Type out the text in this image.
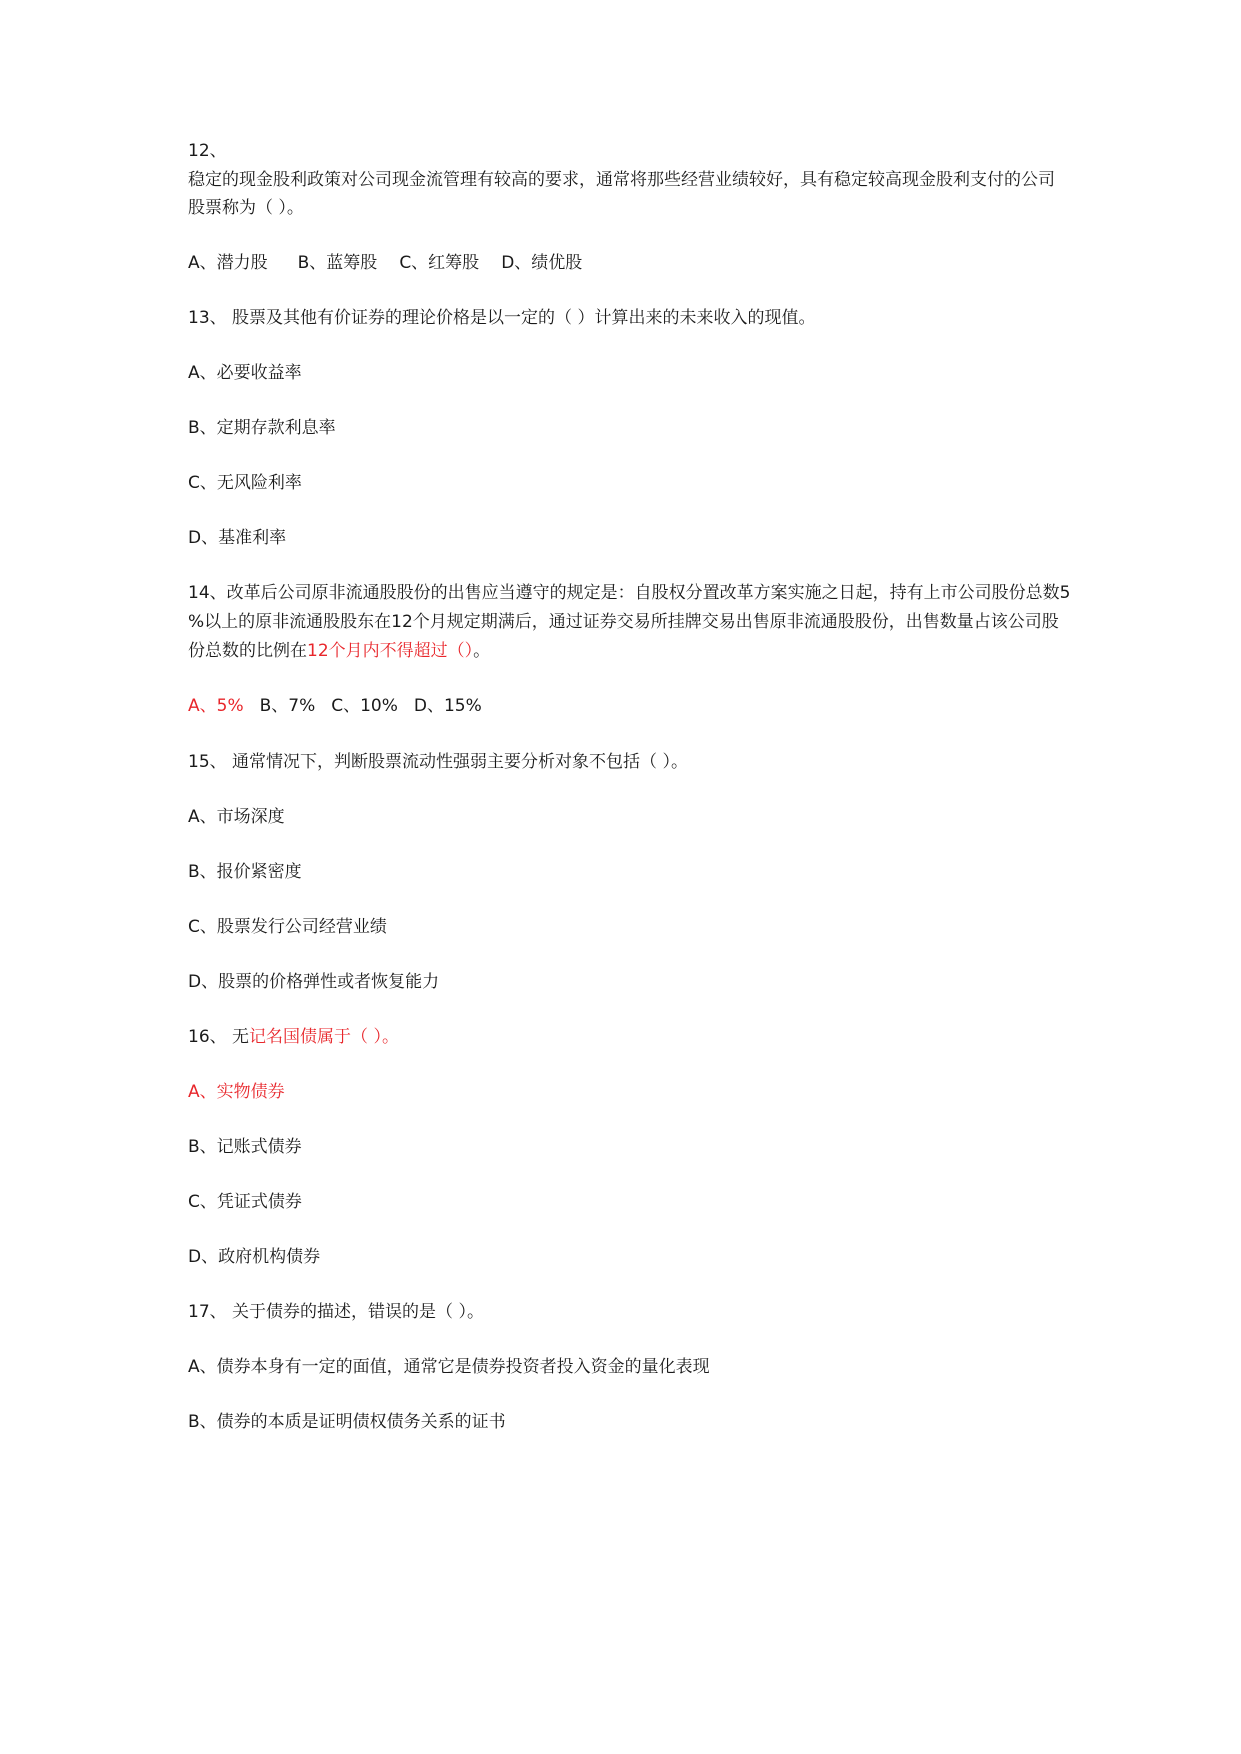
12、
稳定的现金股利政策对公司现金流管理有较高的要求，通常将那些经营业绩较好，具有稳定较高现金股利支付的公司
股票称为（ ）。
A、潜力股 B、蓝筹股 C、红筹股 D、绩优股
13、 股票及其他有价证券的理论价格是以一定的（ ）计算出来的未来收入的现值。
A、必要收益率
B、定期存款利息率
C、无风险利率
D、基准利率
14、改革后公司原非流通股股份的出售应当遵守的规定是：自股权分置改革方案实施之日起，持有上市公司股份总数5
%以上的原非流通股股东在12个月规定期满后，通过证券交易所挂牌交易出售原非流通股股份，出售数量占该公司股
份总数的比例在12个月内不得超过（）。
A、5% B、7% C、10% D、15%
15、 通常情况下，判断股票流动性强弱主要分析对象不包括（ ）。
A、市场深度
B、报价紧密度
C、股票发行公司经营业绩
D、股票的价格弹性或者恢复能力
16、 无记名国债属于（ ）。
A、实物债券
B、记账式债券
C、凭证式债券
D、政府机构债券
17、 关于债券的描述，错误的是（ ）。
A、债券本身有一定的面值，通常它是债券投资者投入资金的量化表现
B、债券的本质是证明债权债务关系的证书
